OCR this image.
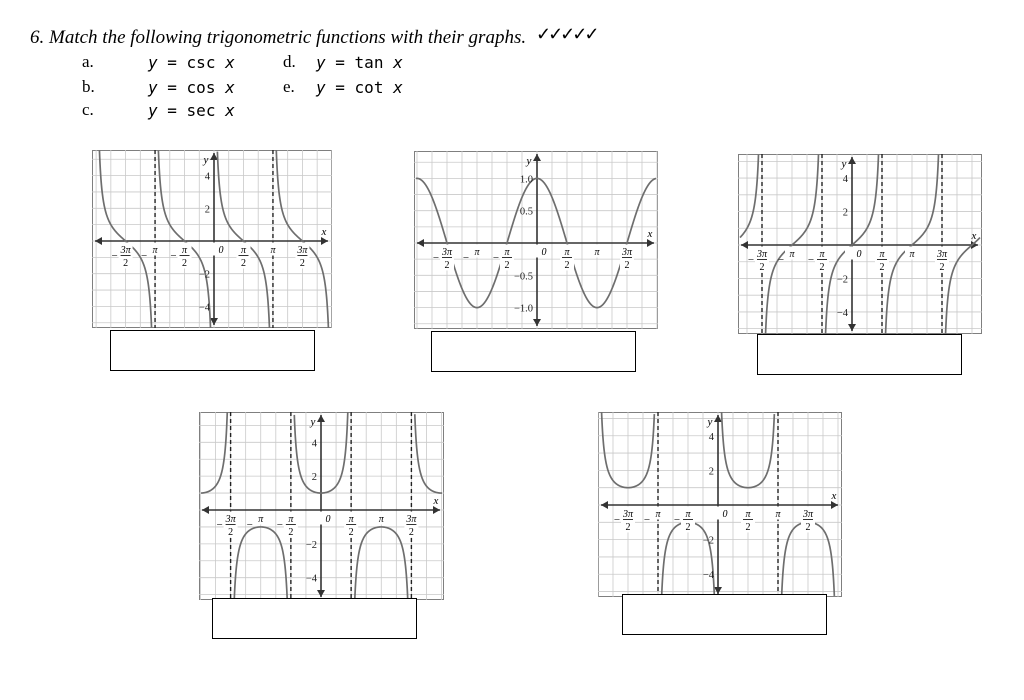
6. Match the following trigonometric functions with their graphs. ✓✓✓✓✓
a.	y = csc x
b.	y = cos x
c.	y = sec x
d. y = tan x
e. y = cot x
− 3π
2
− π − π
2
0 π
2
π 3π
2
4
2
−2
−4
x
y
− 3π
2
− π − π
2
0 π
2
π 3π
2
1.0
0.5
−0.5
−1.0
x
y
− 3π
2
− π − π
2
0 π
2
π 3π
2
4
2
−2
−4
x
y
− 3π
2
− π − π
2
0 π
2
π 3π
2
4
2
−2
−4
x
y
− 3π
2
− π − π
2
0 π
2
π 3π
2
4
2
−2
−4
x
y
